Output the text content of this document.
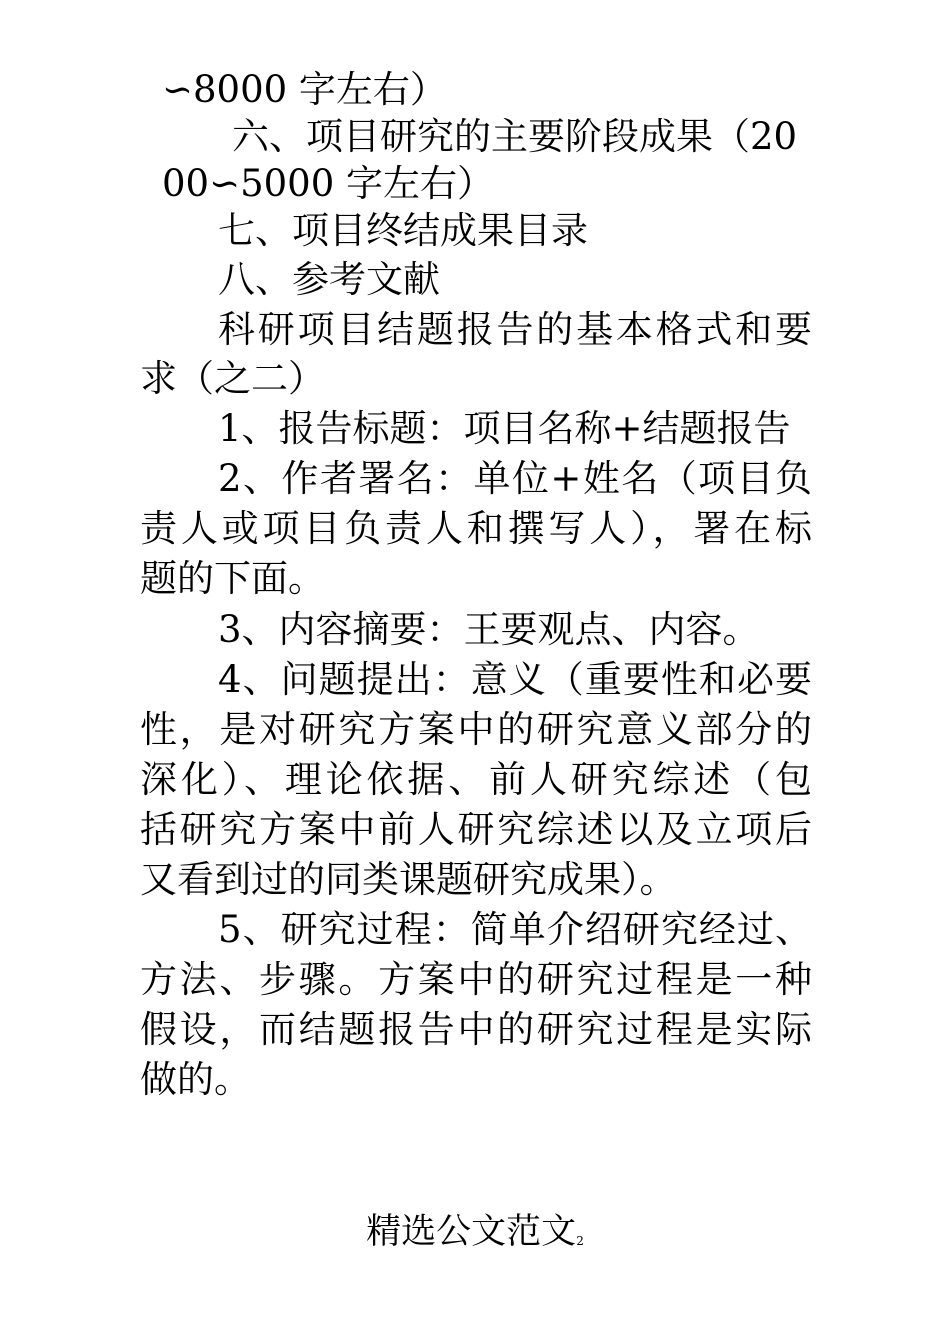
∽8000 字左右）
六、项目研究的主要阶段成果（20
00∽5000 字左右）
七、项目终结成果目录
八、参考文献
科研项目结题报告的基本格式和要
求（之二）
1、报告标题：项目名称+结题报告
2、作者署名：单位+姓名（项目负
责人或项目负责人和撰写人），署在标
题的下面。
3、内容摘要：王要观点、内容。
4、问题提出：意义（重要性和必要
性，是对研究方案中的研究意义部分的
深化）、理论依据、前人研究综述（包
括研究方案中前人研究综述以及立项后
又看到过的同类课题研究成果）。
5、研究过程：简单介绍研究经过、
方法、步骤。方案中的研究过程是一种
假设，而结题报告中的研究过程是实际
做的。
精选公文范文2
